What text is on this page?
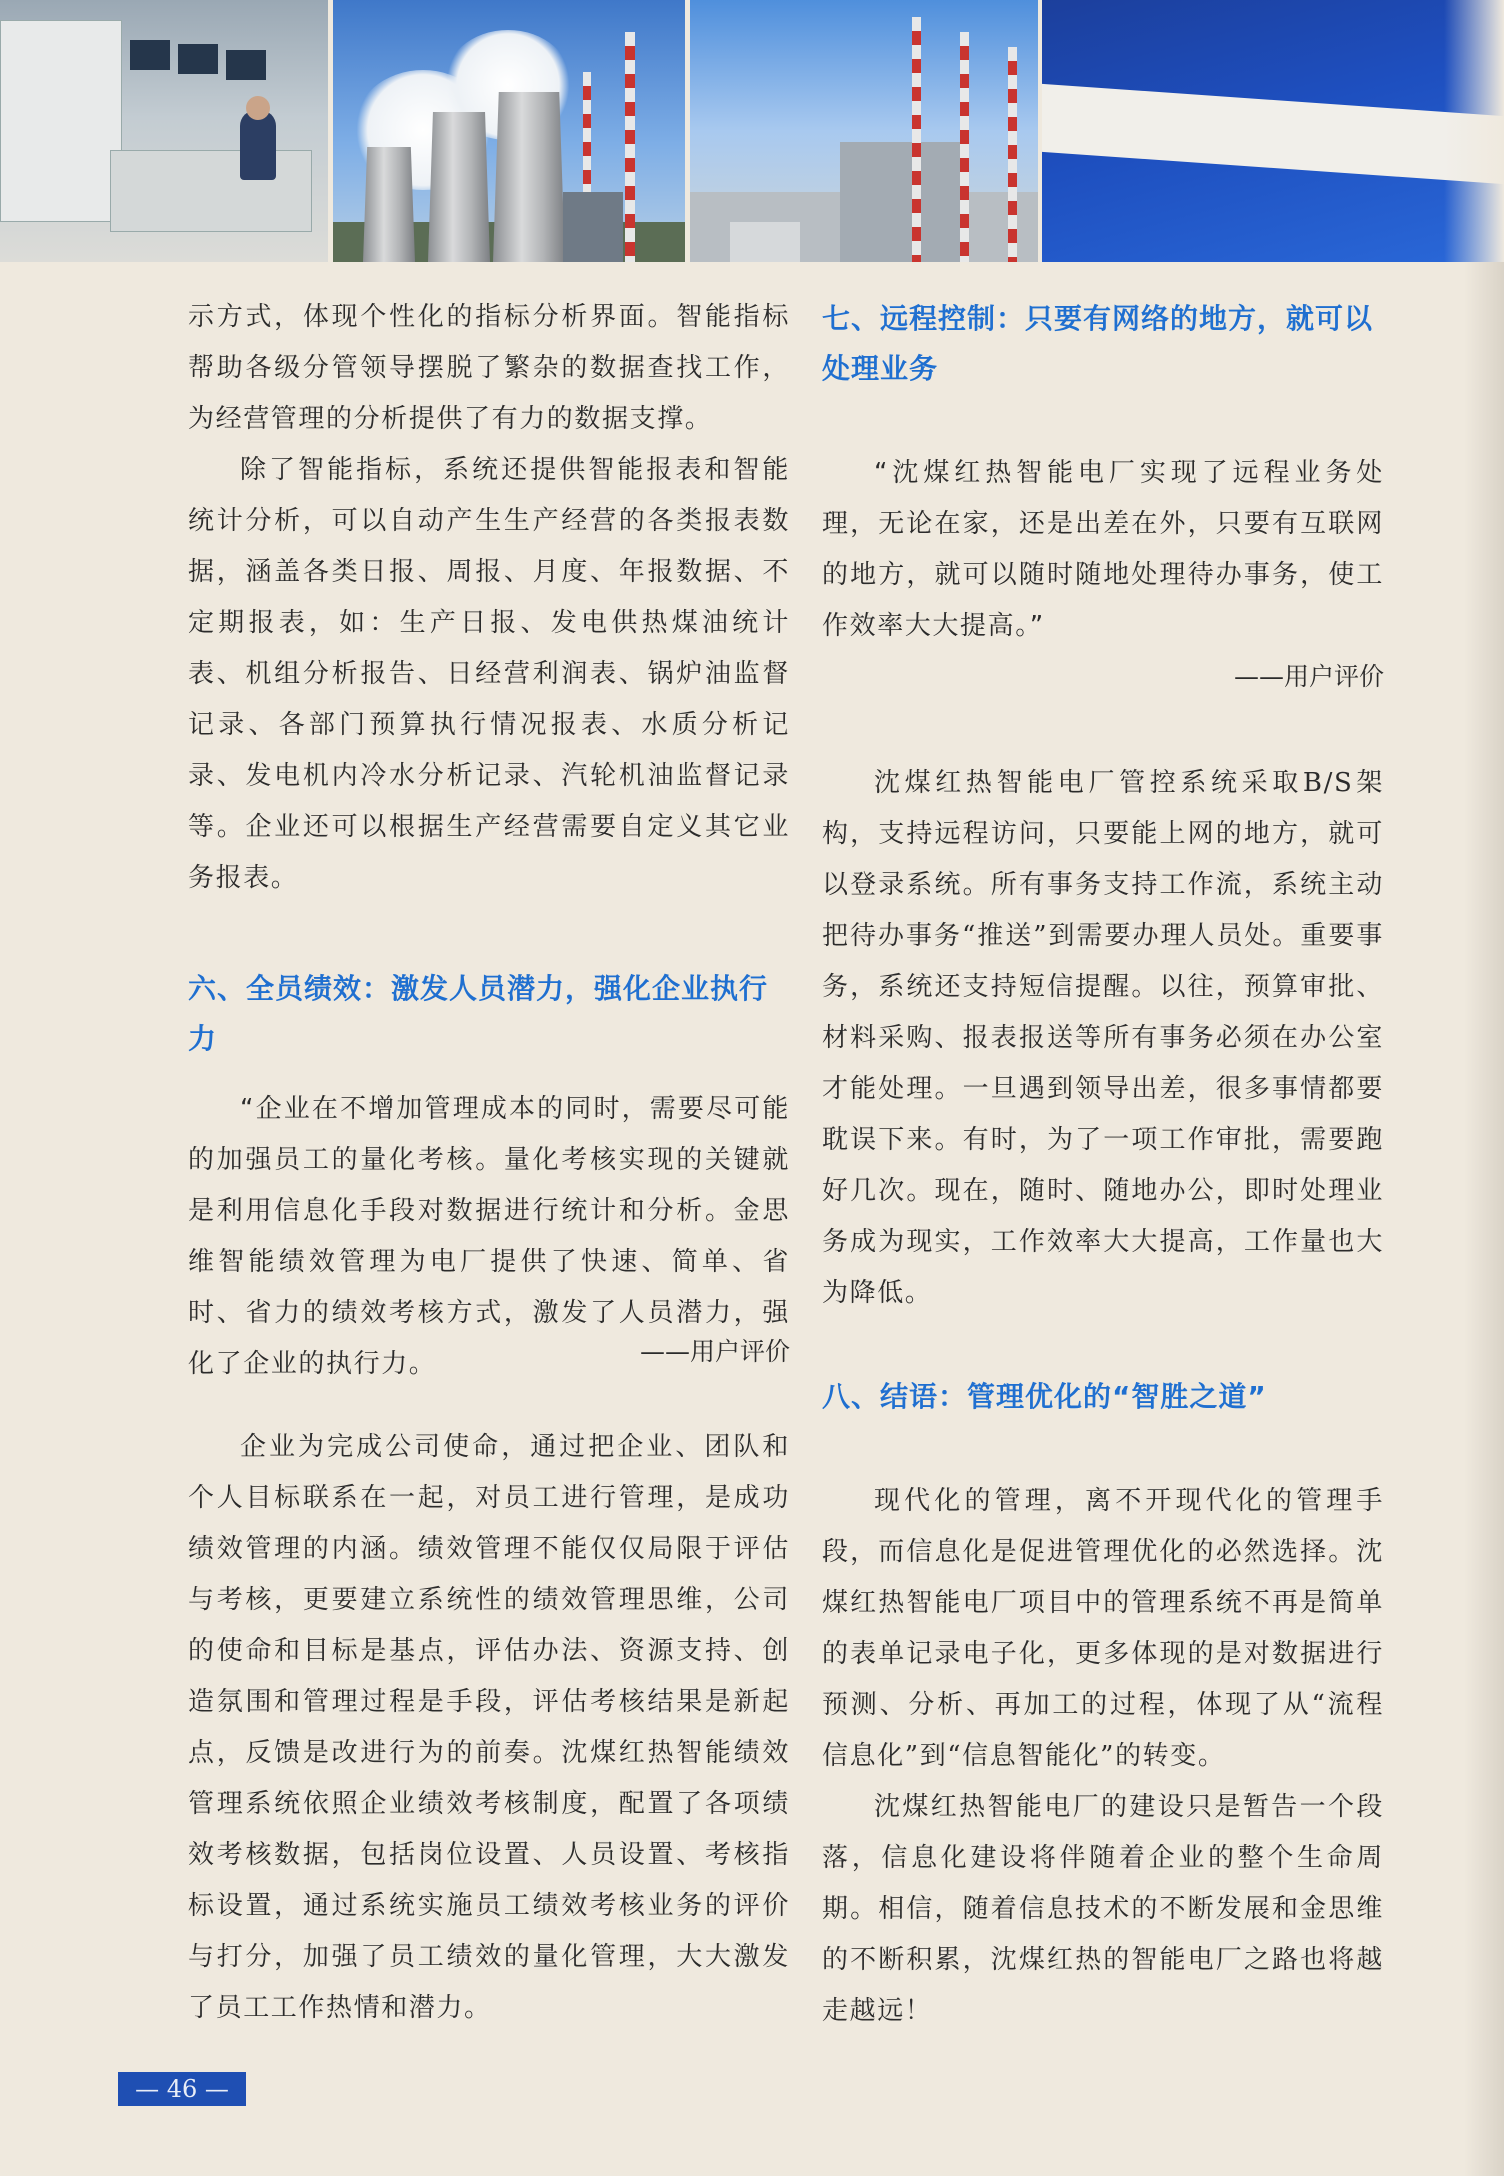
示方式，体现个性化的指标分析界面。智能指标帮助各级分管领导摆脱了繁杂的数据查找工作，为经营管理的分析提供了有力的数据支撑。

除了智能指标，系统还提供智能报表和智能统计分析，可以自动产生生产经营的各类报表数据，涵盖各类日报、周报、月度、年报数据、不定期报表，如：生产日报、发电供热煤油统计表、机组分析报告、日经营利润表、锅炉油监督记录、各部门预算执行情况报表、水质分析记录、发电机内冷水分析记录、汽轮机油监督记录等。企业还可以根据生产经营需要自定义其它业务报表。

六、全员绩效：激发人员潜力，强化企业执行力

“企业在不增加管理成本的同时，需要尽可能的加强员工的量化考核。量化考核实现的关键就是利用信息化手段对数据进行统计和分析。金思维智能绩效管理为电厂提供了快速、简单、省时、省力的绩效考核方式，激发了人员潜力，强化了企业的执行力。	——用户评价

企业为完成公司使命，通过把企业、团队和个人目标联系在一起，对员工进行管理，是成功绩效管理的内涵。绩效管理不能仅仅局限于评估与考核，更要建立系统性的绩效管理思维，公司的使命和目标是基点，评估办法、资源支持、创造氛围和管理过程是手段，评估考核结果是新起点，反馈是改进行为的前奏。沈煤红热智能绩效管理系统依照企业绩效考核制度，配置了各项绩效考核数据，包括岗位设置、人员设置、考核指标设置，通过系统实施员工绩效考核业务的评价与打分，加强了员工绩效的量化管理，大大激发了员工工作热情和潜力。

七、远程控制：只要有网络的地方，就可以处理业务

“沈煤红热智能电厂实现了远程业务处理，无论在家，还是出差在外，只要有互联网的地方，就可以随时随地处理待办事务，使工作效率大大提高。”

——用户评价

沈煤红热智能电厂管控系统采取B/S架构，支持远程访问，只要能上网的地方，就可以登录系统。所有事务支持工作流，系统主动把待办事务“推送”到需要办理人员处。重要事务，系统还支持短信提醒。以往，预算审批、材料采购、报表报送等所有事务必须在办公室才能处理。一旦遇到领导出差，很多事情都要耽误下来。有时，为了一项工作审批，需要跑好几次。现在，随时、随地办公，即时处理业务成为现实，工作效率大大提高，工作量也大为降低。

八、结语：管理优化的“智胜之道”

现代化的管理，离不开现代化的管理手段，而信息化是促进管理优化的必然选择。沈煤红热智能电厂项目中的管理系统不再是简单的表单记录电子化，更多体现的是对数据进行预测、分析、再加工的过程，体现了从“流程信息化”到“信息智能化”的转变。

沈煤红热智能电厂的建设只是暂告一个段落，信息化建设将伴随着企业的整个生命周期。相信，随着信息技术的不断发展和金思维的不断积累，沈煤红热的智能电厂之路也将越走越远！

— 46 —
